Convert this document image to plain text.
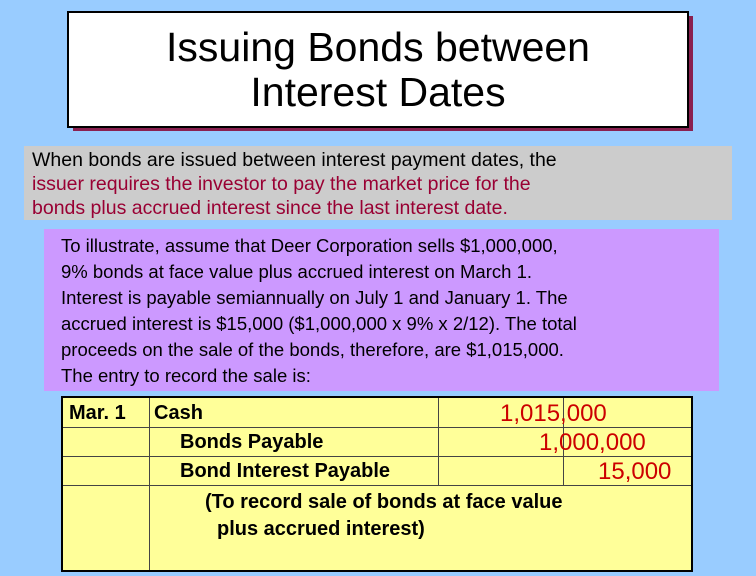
Issuing Bonds between
Interest Dates
When bonds are issued between interest payment dates, the
issuer requires the investor to pay the market price for the
bonds plus accrued interest since the last interest date.
To illustrate, assume that Deer Corporation sells $1,000,000,
9% bonds at face value plus accrued interest on March 1.
Interest is payable semiannually on July 1 and January 1. The
accrued interest is $15,000 ($1,000,000 x 9% x 2/12). The total
proceeds on the sale of the bonds, therefore, are $1,015,000.
The entry to record the sale is:
Mar. 1 Cash
Bonds Payable
Bond Interest Payable
1,015,000
1,000,000
15,000
(To record sale of bonds at face value
plus accrued interest)
